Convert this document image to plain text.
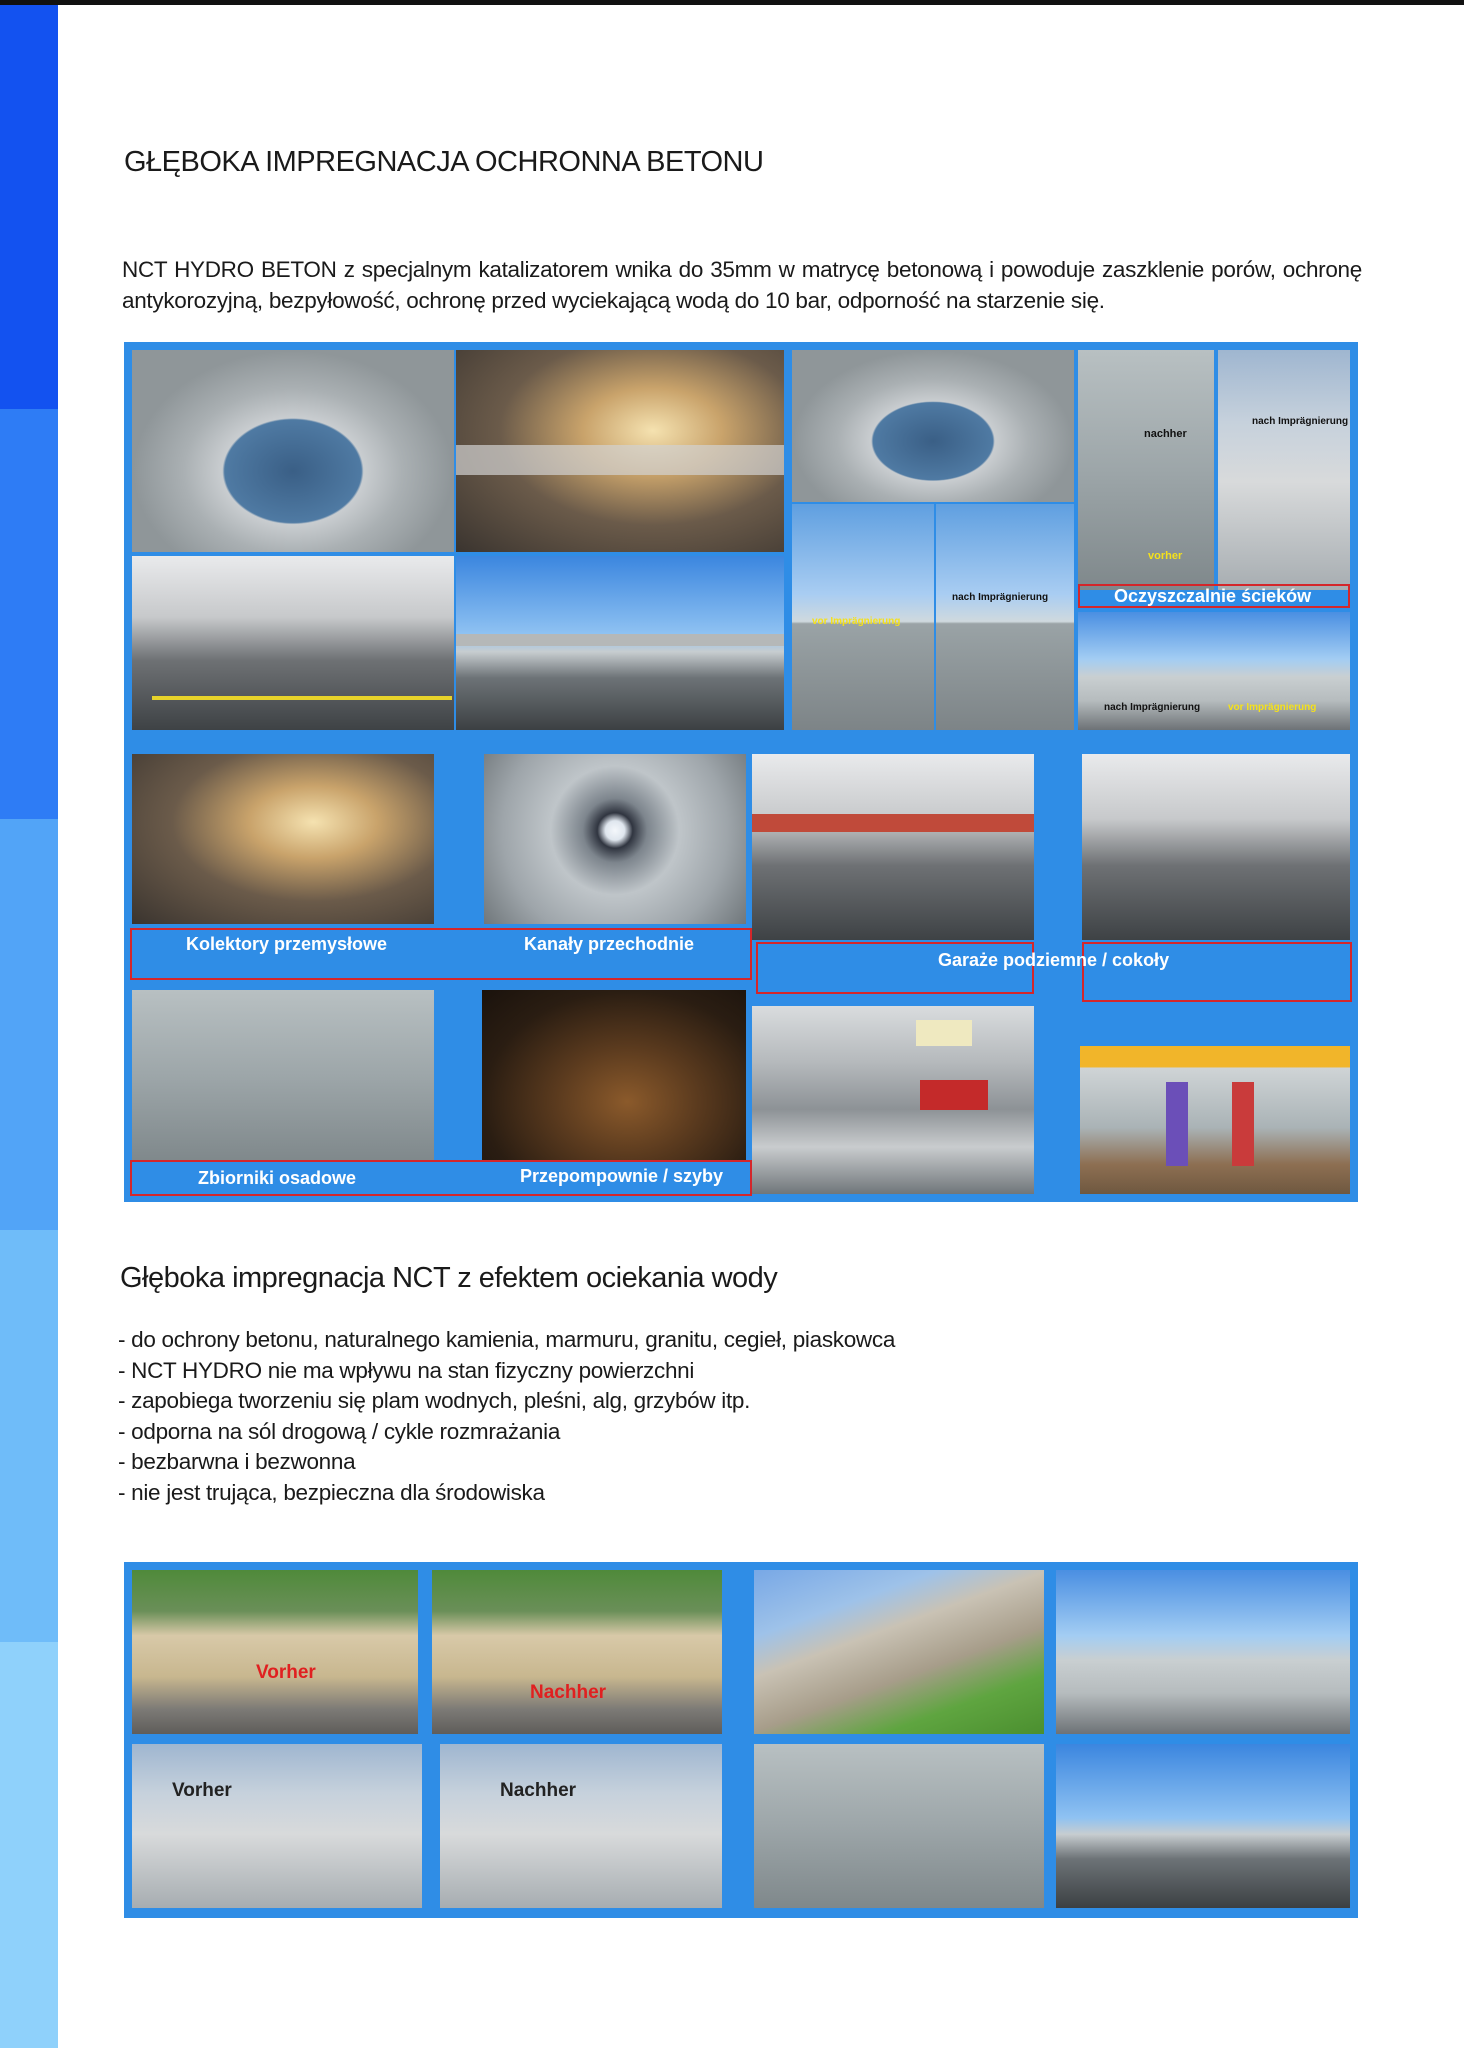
GŁĘBOKA IMPREGNACJA OCHRONNA BETONU

NCT HYDRO BETON z specjalnym katalizatorem wnika do 35mm w matrycę betonową i powoduje zaszklenie porów, ochronę antykorozyjną, bezpyłowość, ochronę przed wyciekającą wodą do 10 bar, odporność na starzenie się.

nachher
vorher
nach Imprägnierung
vor Imprägnierung
nach Imprägnierung	Oczyszczalnie ścieków
nach Imprägnierung	vor Imprägnierung
Kolektory przemysłowe	Kanały przechodnie
Garaże podziemne / cokoły
Zbiorniki osadowe	Przepompownie / szyby
Głęboka impregnacja NCT z efektem ociekania wody
- do ochrony betonu, naturalnego kamienia, marmuru, granitu, cegieł, piaskowca
- NCT HYDRO nie ma wpływu na stan fizyczny powierzchni
- zapobiega tworzeniu się plam wodnych, pleśni, alg, grzybów itp.
- odporna na sól drogową / cykle rozmrażania
- bezbarwna i bezwonna
- nie jest trująca, bezpieczna dla środowiska
Vorher
Nachher
Vorher	Nachher
